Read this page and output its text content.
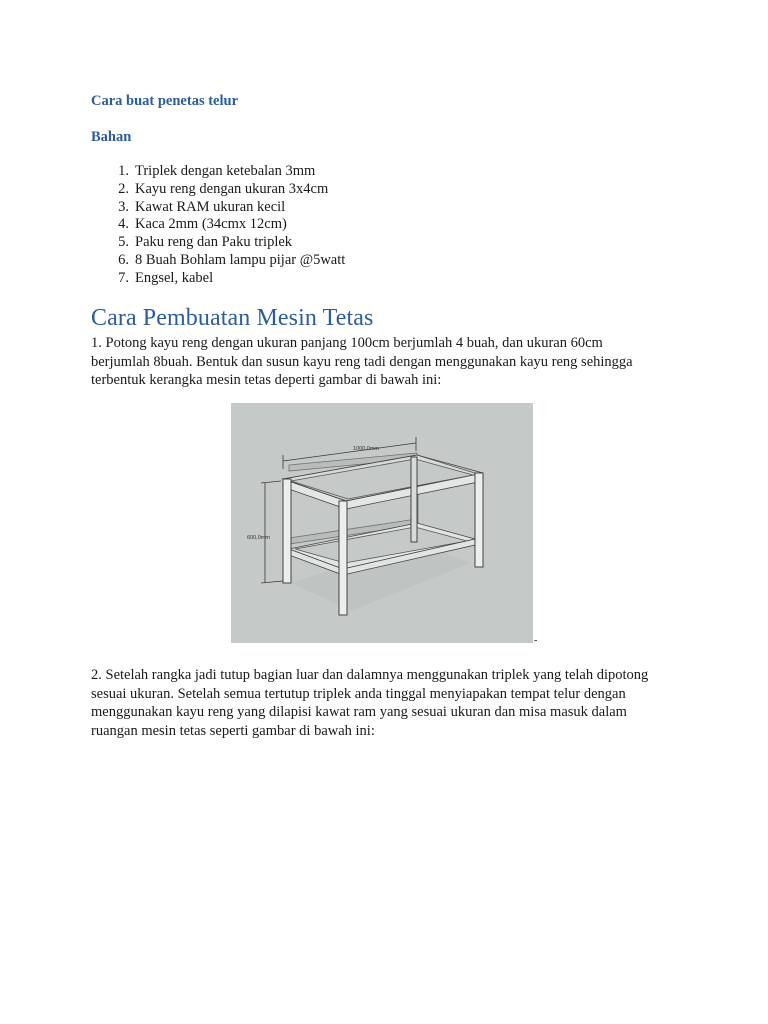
Cara buat penetas telur
Bahan
1. Triplek dengan ketebalan 3mm
2. Kayu reng dengan ukuran 3x4cm
3. Kawat RAM ukuran kecil
4. Kaca 2mm (34cmx 12cm)
5. Paku reng dan Paku triplek
6. 8 Buah Bohlam lampu pijar @5watt
7. Engsel, kabel
Cara Pembuatan Mesin Tetas
1. Potong kayu reng dengan ukuran panjang 100cm berjumlah 4 buah, dan ukuran 60cm
berjumlah 8buah. Bentuk dan susun kayu reng tadi dengan menggunakan kayu reng sehingga
terbentuk kerangka mesin tetas deperti gambar di bawah ini:
1000,0mm
600,0mm
-
2. Setelah rangka jadi tutup bagian luar dan dalamnya menggunakan triplek yang telah dipotong
sesuai ukuran. Setelah semua tertutup triplek anda tinggal menyiapakan tempat telur dengan
menggunakan kayu reng yang dilapisi kawat ram yang sesuai ukuran dan misa masuk dalam
ruangan mesin tetas seperti gambar di bawah ini:
